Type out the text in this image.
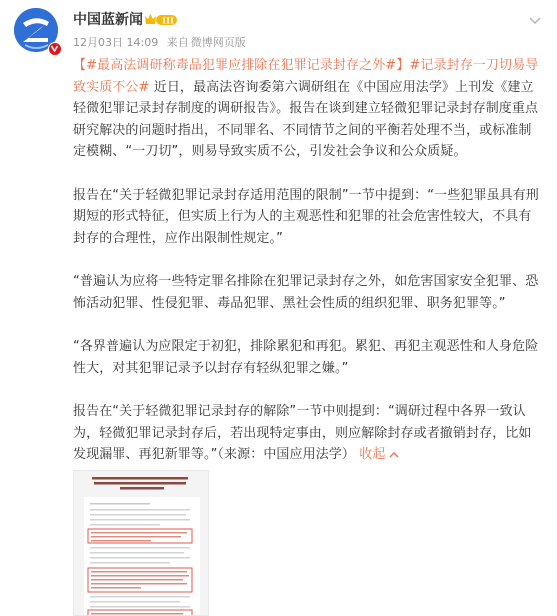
中国蓝新闻 III
12月03日 14:09 来自 微博网页版

【#最高法调研称毒品犯罪应排除在犯罪记录封存之外#】#记录封存一刀切易导致实质不公# 近日，最高法咨询委第六调研组在《中国应用法学》上刊发《建立轻微犯罪记录封存制度的调研报告》。报告在谈到建立轻微犯罪记录封存制度重点研究解决的问题时指出，不同罪名、不同情节之间的平衡若处理不当，或标准制定模糊、“一刀切”，则易导致实质不公，引发社会争议和公众质疑。

报告在“关于轻微犯罪记录封存适用范围的限制”一节中提到：“一些犯罪虽具有刑期短的形式特征，但实质上行为人的主观恶性和犯罪的社会危害性较大，不具有封存的合理性，应作出限制性规定。”

“普遍认为应将一些特定罪名排除在犯罪记录封存之外，如危害国家安全犯罪、恐怖活动犯罪、性侵犯罪、毒品犯罪、黑社会性质的组织犯罪、职务犯罪等。”

“各界普遍认为应限定于初犯，排除累犯和再犯。累犯、再犯主观恶性和人身危险性大，对其犯罪记录予以封存有轻纵犯罪之嫌。”

报告在“关于轻微犯罪记录封存的解除”一节中则提到：“调研过程中各界一致认为，轻微犯罪记录封存后，若出现特定事由，则应解除封存或者撤销封存，比如发现漏罪、再犯新罪等。”（来源：中国应用法学） 收起
